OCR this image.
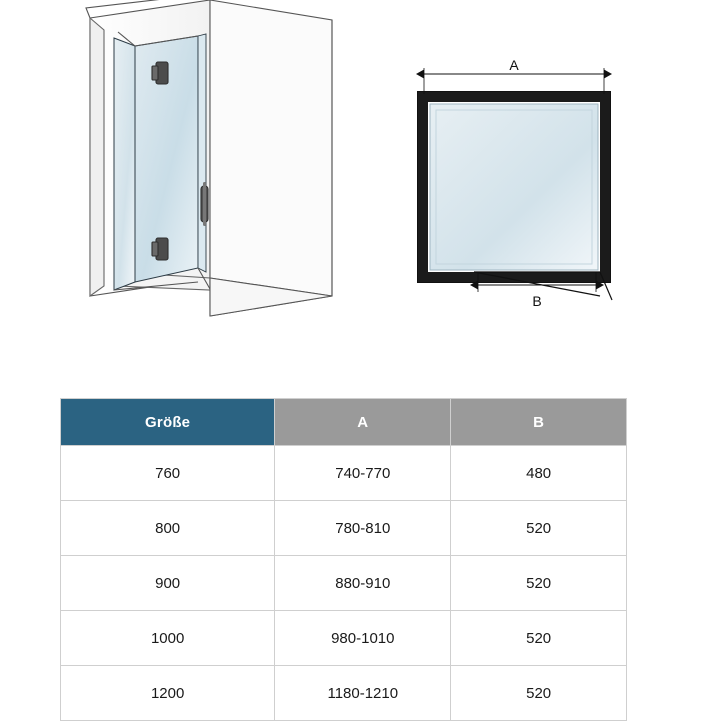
A
B
Größe	A	B
760	740-770	480
800	780-810	520
900	880-910	520
1000	980-1010	520
1200	1180-1210	520
